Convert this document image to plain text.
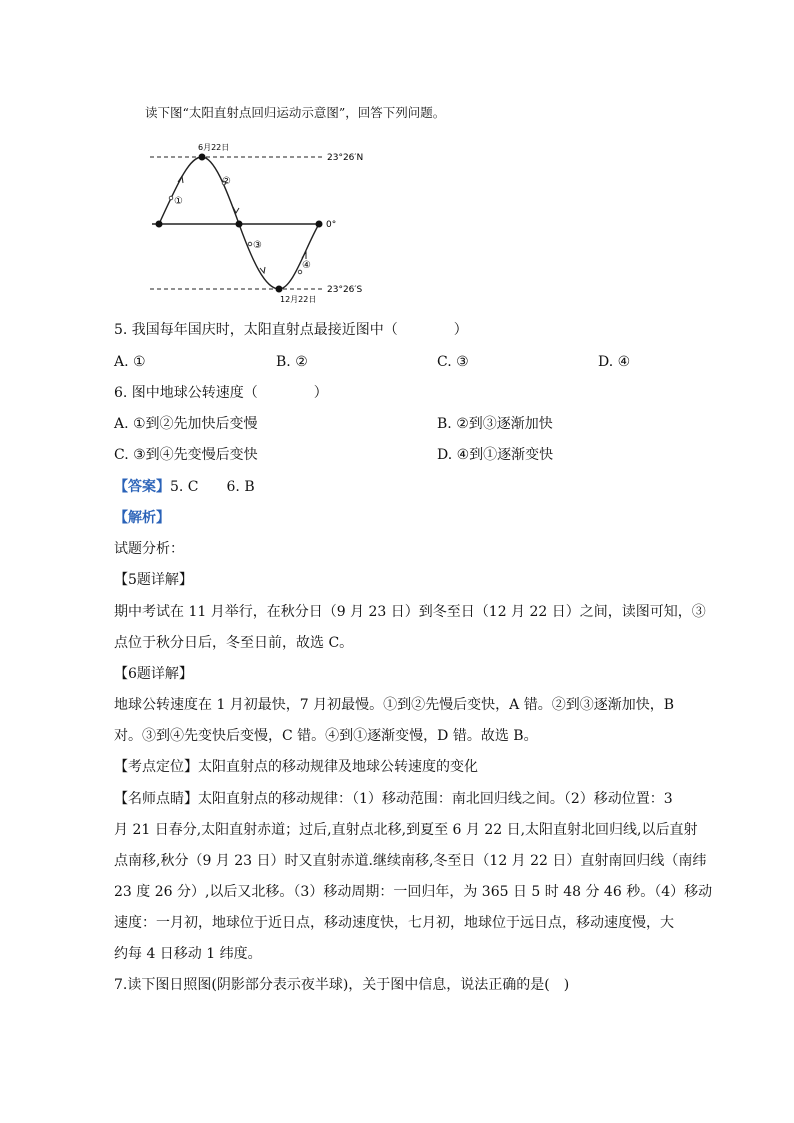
读下图“太阳直射点回归运动示意图”，回答下列问题。
6月22日
12月22日
23°26′N
0°
23°26′S
①
②
③
④
5. 我国每年国庆时，太阳直射点最接近图中（　　　　）
A. ①	B. ②	C. ③	D. ④
6. 图中地球公转速度（　　　　）
A. ①到②先加快后变慢	B. ②到③逐渐加快
C. ③到④先变慢后变快	D. ④到①逐渐变快
【答案】5. C　　6. B
【解析】
试题分析：
【5题详解】
期中考试在 11 月举行，在秋分日（9 月 23 日）到冬至日（12 月 22 日）之间，读图可知，③
点位于秋分日后，冬至日前，故选 C。
【6题详解】
地球公转速度在 1 月初最快，7 月初最慢。①到②先慢后变快，A 错。②到③逐渐加快，B
对。③到④先变快后变慢，C 错。④到①逐渐变慢，D 错。故选 B。
【考点定位】太阳直射点的移动规律及地球公转速度的变化
【名师点睛】太阳直射点的移动规律：（1）移动范围：南北回归线之间。（2）移动位置：3
月 21 日春分,太阳直射赤道；过后,直射点北移,到夏至 6 月 22 日,太阳直射北回归线,以后直射
点南移,秋分（9 月 23 日）时又直射赤道.继续南移,冬至日（12 月 22 日）直射南回归线（南纬
23 度 26 分）,以后又北移。（3）移动周期：一回归年，为 365 日 5 时 48 分 46 秒。（4）移动
速度：一月初，地球位于近日点，移动速度快，七月初，地球位于远日点，移动速度慢，大
约每 4 日移动 1 纬度。
7.读下图日照图(阴影部分表示夜半球)，关于图中信息，说法正确的是(　)
